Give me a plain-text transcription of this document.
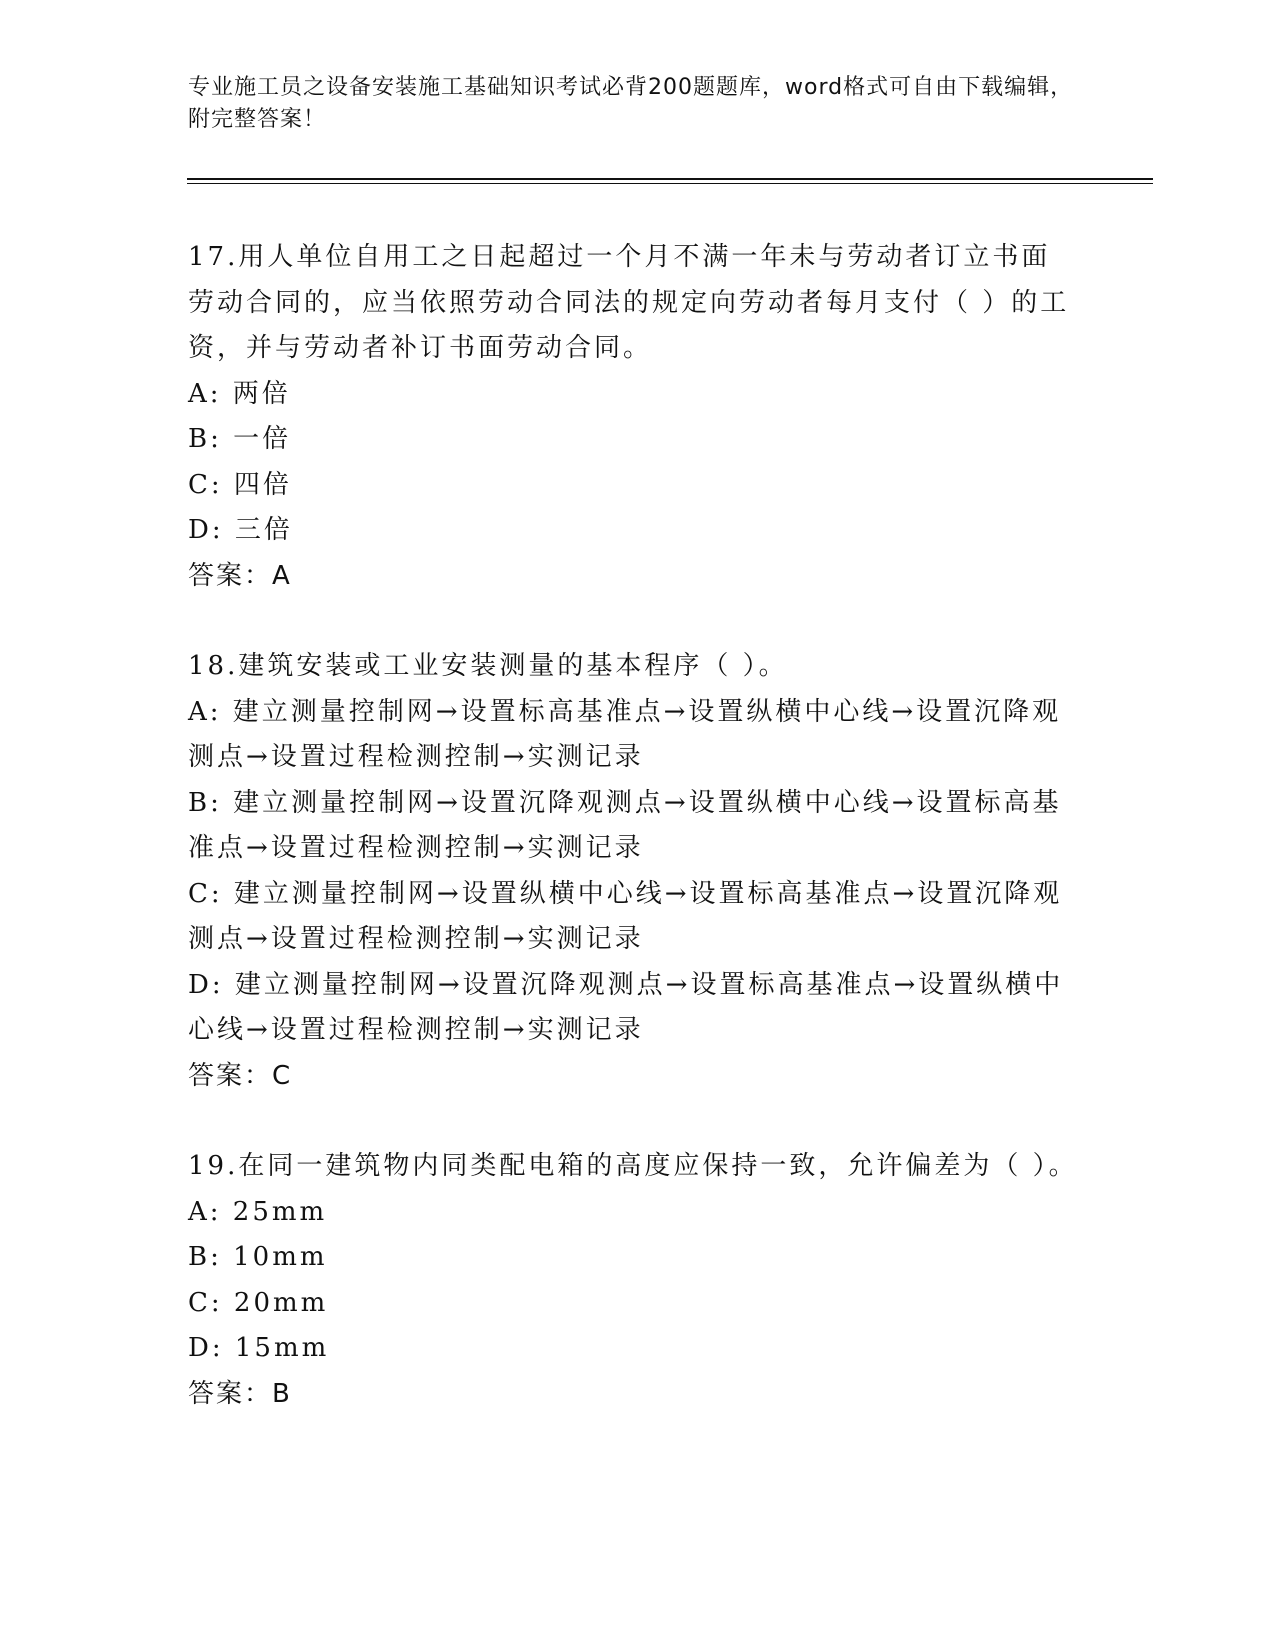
专业施工员之设备安装施工基础知识考试必背200题题库，word格式可自由下载编辑，附完整答案！

17.用人单位自用工之日起超过一个月不满一年未与劳动者订立书面劳动合同的，应当依照劳动合同法的规定向劳动者每月支付（ ）的工资，并与劳动者补订书面劳动合同。

A: 两倍

B: 一倍

C: 四倍

D: 三倍

答案：A

18.建筑安装或工业安装测量的基本程序（ ）。

A: 建立测量控制网→设置标高基准点→设置纵横中心线→设置沉降观测点→设置过程检测控制→实测记录

B: 建立测量控制网→设置沉降观测点→设置纵横中心线→设置标高基准点→设置过程检测控制→实测记录

C: 建立测量控制网→设置纵横中心线→设置标高基准点→设置沉降观测点→设置过程检测控制→实测记录

D: 建立测量控制网→设置沉降观测点→设置标高基准点→设置纵横中心线→设置过程检测控制→实测记录

答案：C

19.在同一建筑物内同类配电箱的高度应保持一致，允许偏差为（ ）。

A: 25mm

B: 10mm

C: 20mm

D: 15mm

答案：B
